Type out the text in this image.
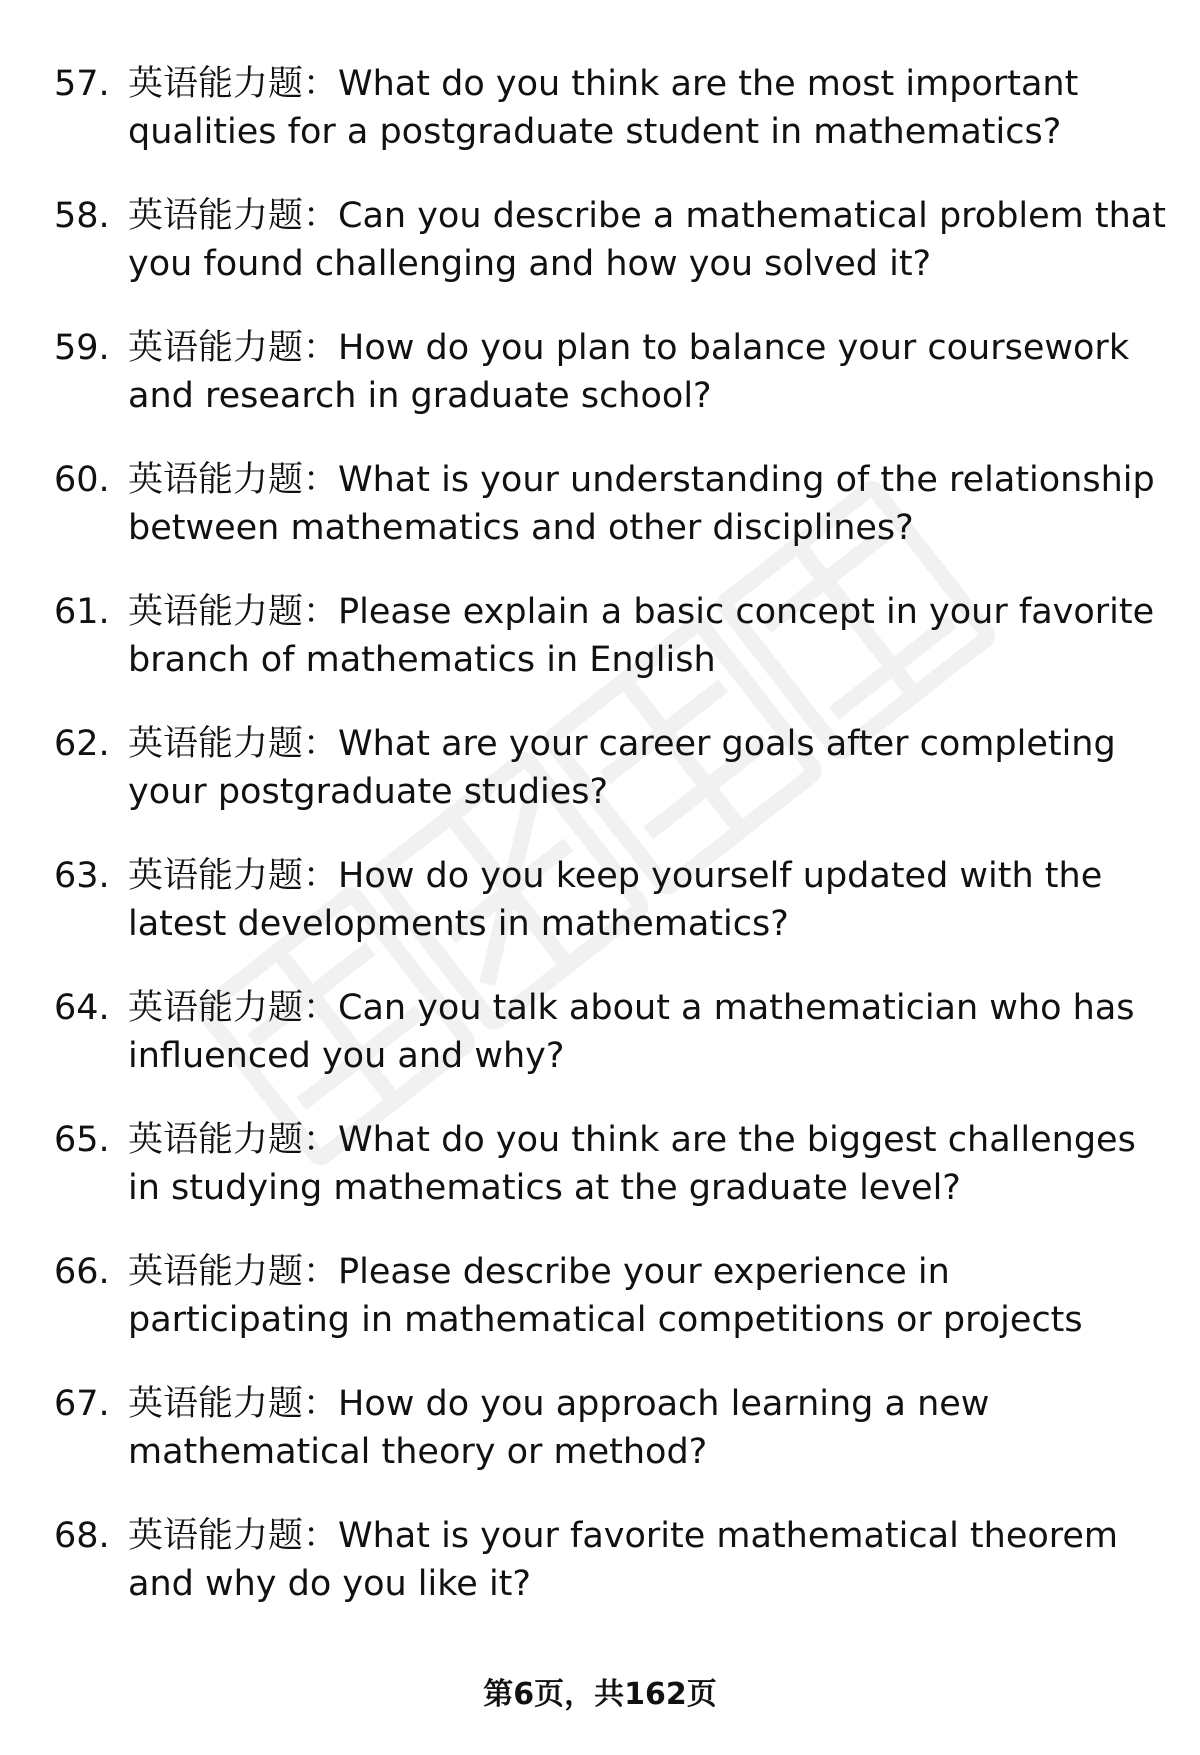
57. 英语能力题：What do you think are the most important qualities for a postgraduate student in mathematics?
58. 英语能力题：Can you describe a mathematical problem that you found challenging and how you solved it?
59. 英语能力题：How do you plan to balance your coursework and research in graduate school?
60. 英语能力题：What is your understanding of the relationship between mathematics and other disciplines?
61. 英语能力题：Please explain a basic concept in your favorite branch of mathematics in English
62. 英语能力题：What are your career goals after completing your postgraduate studies?
63. 英语能力题：How do you keep yourself updated with the latest developments in mathematics?
64. 英语能力题：Can you talk about a mathematician who has influenced you and why?
65. 英语能力题：What do you think are the biggest challenges in studying mathematics at the graduate level?
66. 英语能力题：Please describe your experience in participating in mathematical competitions or projects
67. 英语能力题：How do you approach learning a new mathematical theory or method?
68. 英语能力题：What is your favorite mathematical theorem and why do you like it?
第6页，共162页
